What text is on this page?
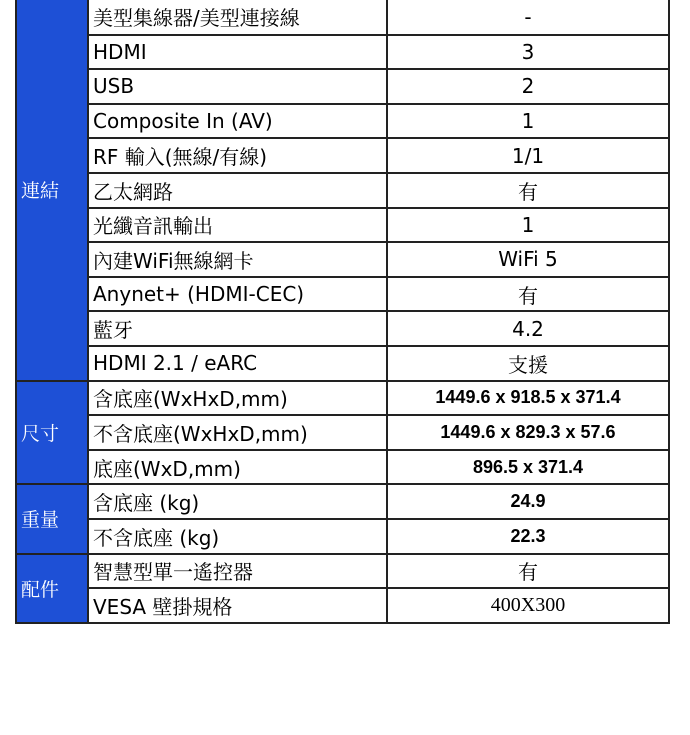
連結	美型集線器/美型連接線	-
	HDMI	3
	USB	2
	Composite In (AV)	1
	RF 輸入(無線/有線)	1/1
	乙太網路	有
	光纖音訊輸出	1
	內建WiFi無線網卡	WiFi 5
	Anynet+ (HDMI-CEC)	有
	藍牙	4.2
	HDMI 2.1 / eARC	支援
尺寸	含底座(WxHxD,mm)	1449.6 x 918.5 x 371.4
	不含底座(WxHxD,mm)	1449.6 x 829.3 x 57.6
	底座(WxD,mm)	896.5 x 371.4
重量	含底座 (kg)	24.9
	不含底座 (kg)	22.3
配件	智慧型單一遙控器	有
	VESA 壁掛規格	400X300
